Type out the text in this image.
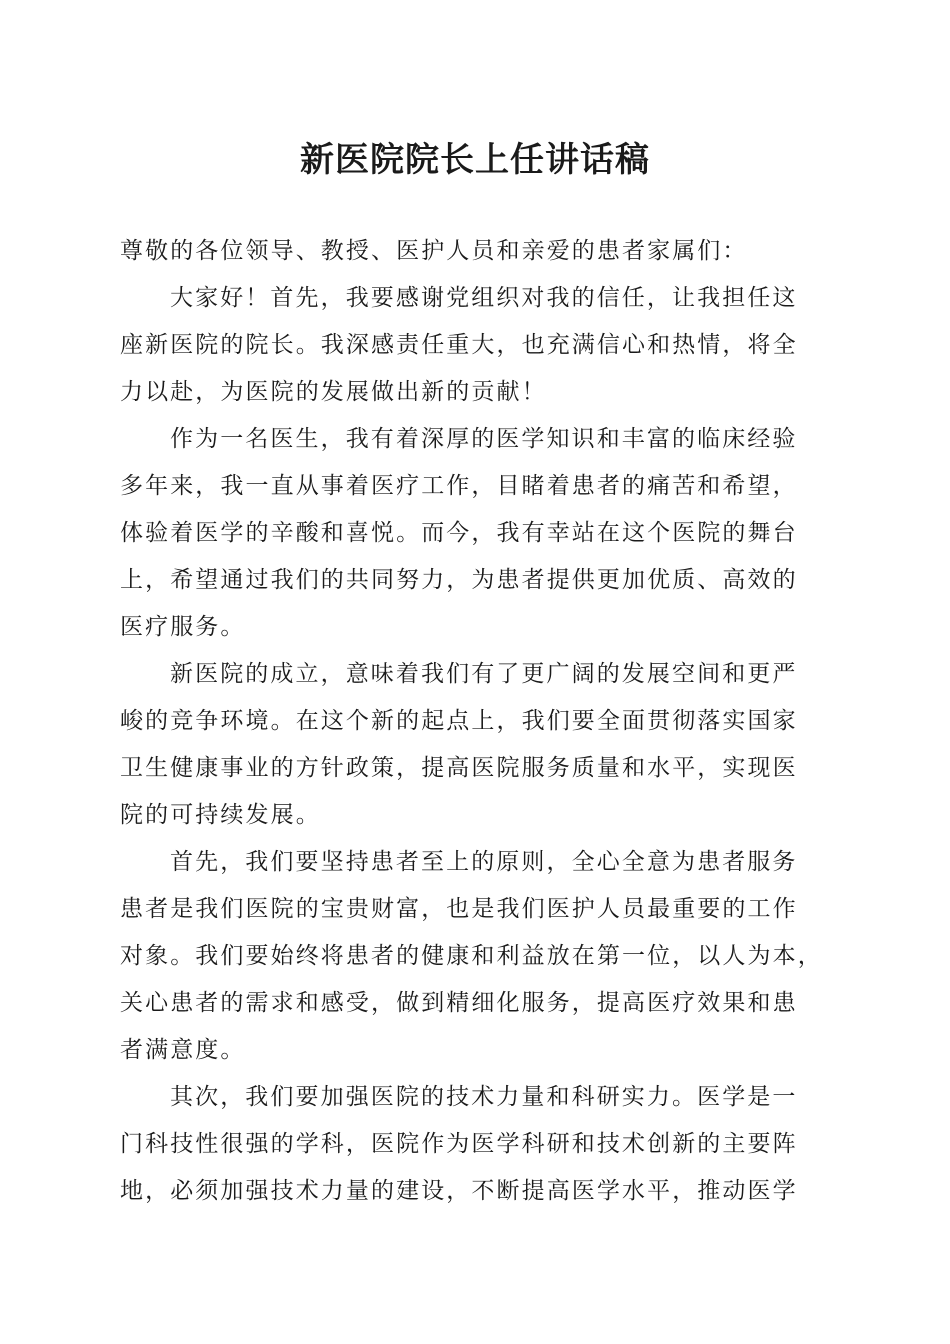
新医院院长上任讲话稿
尊敬的各位领导、教授、医护人员和亲爱的患者家属们：
大家好！首先，我要感谢党组织对我的信任，让我担任这
座新医院的院长。我深感责任重大，也充满信心和热情，将全
力以赴，为医院的发展做出新的贡献！
作为一名医生，我有着深厚的医学知识和丰富的临床经验
多年来，我一直从事着医疗工作，目睹着患者的痛苦和希望，
体验着医学的辛酸和喜悦。而今，我有幸站在这个医院的舞台
上，希望通过我们的共同努力，为患者提供更加优质、高效的
医疗服务。
新医院的成立，意味着我们有了更广阔的发展空间和更严
峻的竞争环境。在这个新的起点上，我们要全面贯彻落实国家
卫生健康事业的方针政策，提高医院服务质量和水平，实现医
院的可持续发展。
首先，我们要坚持患者至上的原则，全心全意为患者服务
患者是我们医院的宝贵财富，也是我们医护人员最重要的工作
对象。我们要始终将患者的健康和利益放在第一位，以人为本，
关心患者的需求和感受，做到精细化服务，提高医疗效果和患
者满意度。
其次，我们要加强医院的技术力量和科研实力。医学是一
门科技性很强的学科，医院作为医学科研和技术创新的主要阵
地，必须加强技术力量的建设，不断提高医学水平，推动医学
